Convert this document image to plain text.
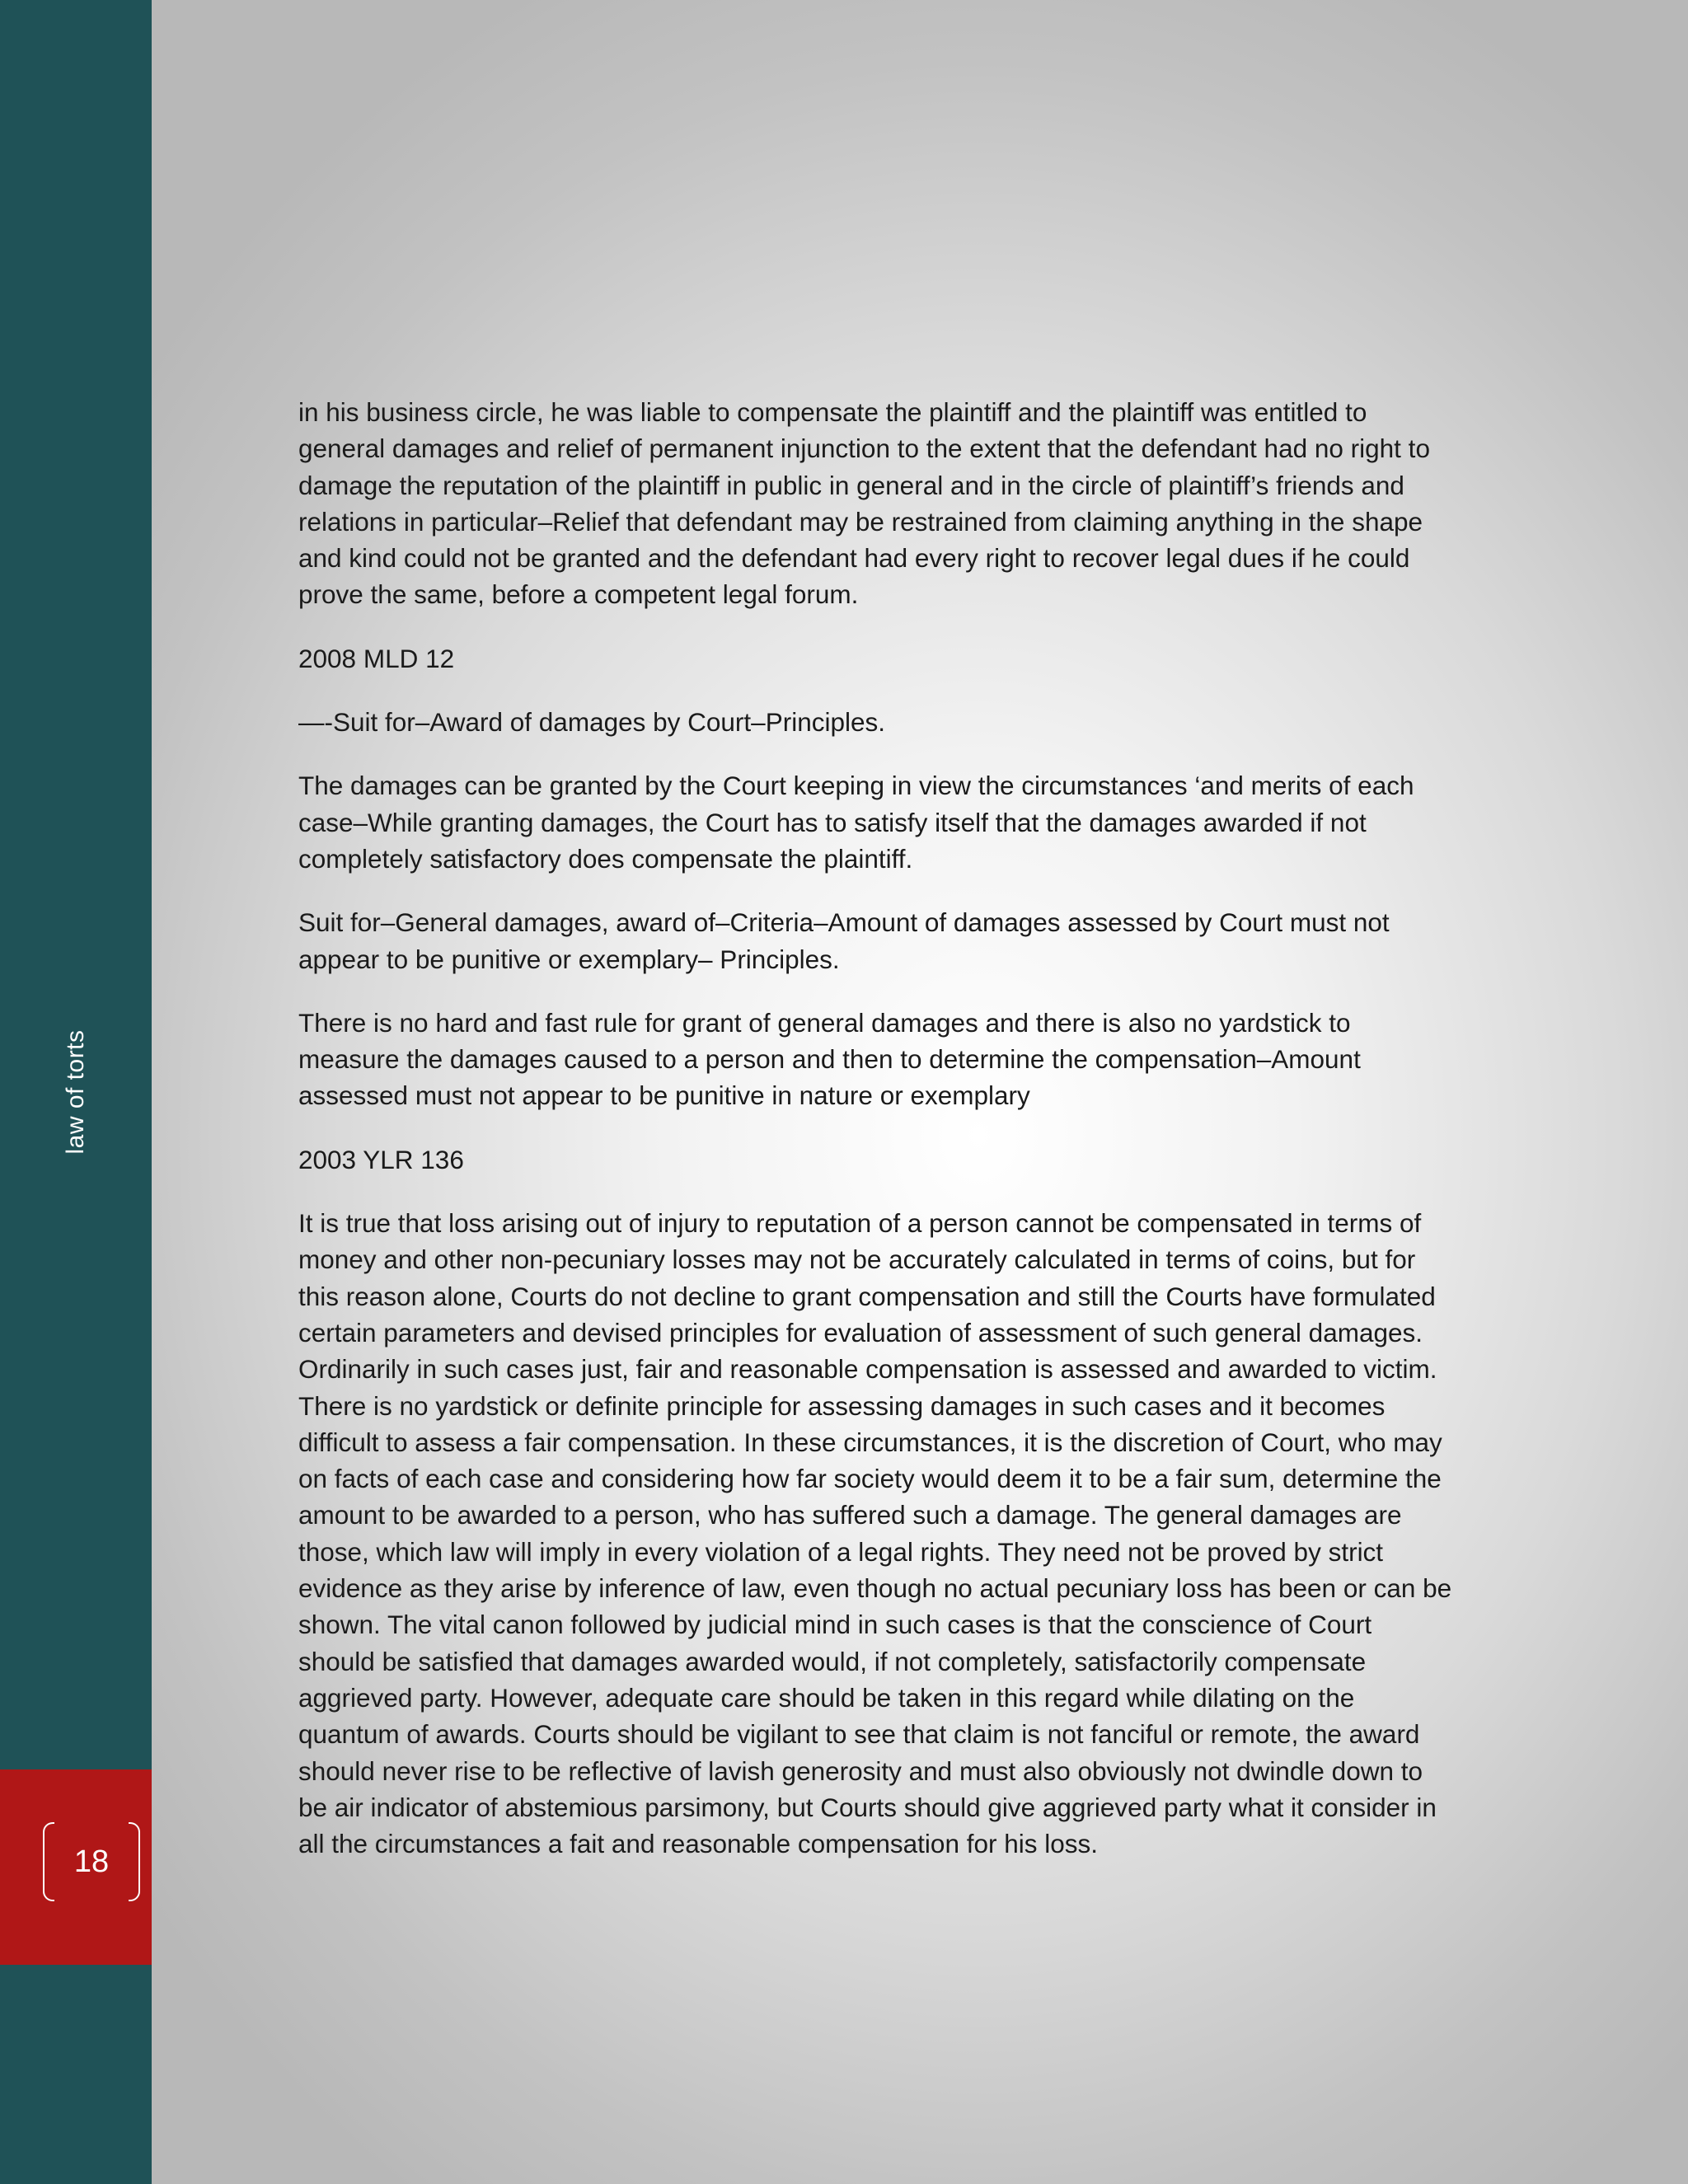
law of torts
18

in his business circle, he was liable to compensate the plaintiff and the plaintiff was entitled to general damages and relief of permanent injunction to the extent that the defendant had no right to damage the reputation of the plaintiff in public in general and in the circle of plaintiff’s friends and relations in particular–Relief that defendant may be restrained from claiming anything in the shape and kind could not be granted and the defendant had every right to recover legal dues if he could prove the same, before a competent legal forum.

2008 MLD 12

—-Suit for–Award of damages by Court–Principles.

The damages can be granted by the Court keeping in view the circumstances ‘and merits of each case–While granting damages, the Court has to satisfy itself that the damages awarded if not completely satisfactory does compensate the plaintiff.

Suit for–General damages, award of–Criteria–Amount of damages assessed by Court must not appear to be punitive or exemplary– Principles.

There is no hard and fast rule for grant of general damages and there is also no yardstick to measure the damages caused to a person and then to determine the compensation–Amount assessed must not appear to be punitive in nature or exemplary

2003 YLR 136

It is true that loss arising out of injury to reputation of a person cannot be compensated in terms of money and other non-pecuniary losses may not be accurately calculated in terms of coins, but for this reason alone, Courts do not decline to grant compensation and still the Courts have formulated certain parameters and devised principles for evaluation of assessment of such general damages. Ordinarily in such cases just, fair and reasonable compensation is assessed and awarded to victim. There is no yardstick or definite principle for assessing damages in such cases and it becomes difficult to assess a fair compensation. In these circumstances, it is the discretion of Court, who may on facts of each case and considering how far society would deem it to be a fair sum, determine the amount to be awarded to a person, who has suffered such a damage. The general damages are those, which law will imply in every violation of a legal rights. They need not be proved by strict evidence as they arise by inference of law, even though no actual pecuniary loss has been or can be shown. The vital canon followed by judicial mind in such cases is that the conscience of Court should be satisfied that damages awarded would, if not completely, satisfactorily compensate aggrieved party. However, adequate care should be taken in this regard while dilating on the quantum of awards. Courts should be vigilant to see that claim is not fanciful or remote, the award should never rise to be reflective of lavish generosity and must also obviously not dwindle down to be air indicator of abstemious parsimony, but Courts should give aggrieved party what it consider in all the circumstances a fait and reasonable compensation for his loss.
